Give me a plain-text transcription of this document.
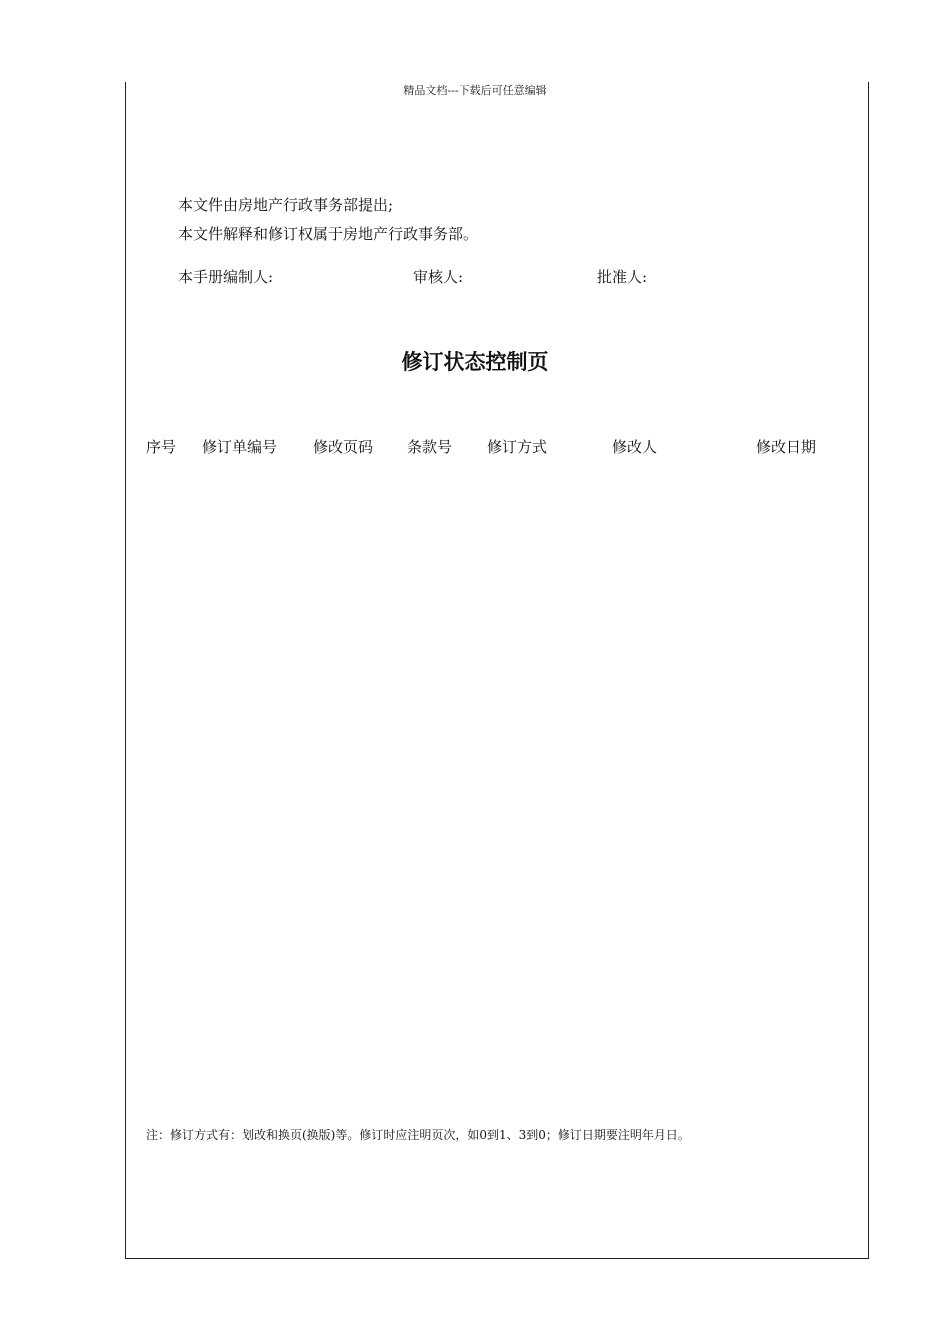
精品文档---下载后可任意编辑
本文件由房地产行政事务部提出;
本文件解释和修订权属于房地产行政事务部。
本手册编制人:	审核人:	批准人:
修订状态控制页
序号 修订单编号 修改页码 条款号 修订方式	修改人	修改日期
注：修订方式有：划改和换页(换版)等。修订时应注明页次，如0到1、3到0；修订日期要注明年月日。
